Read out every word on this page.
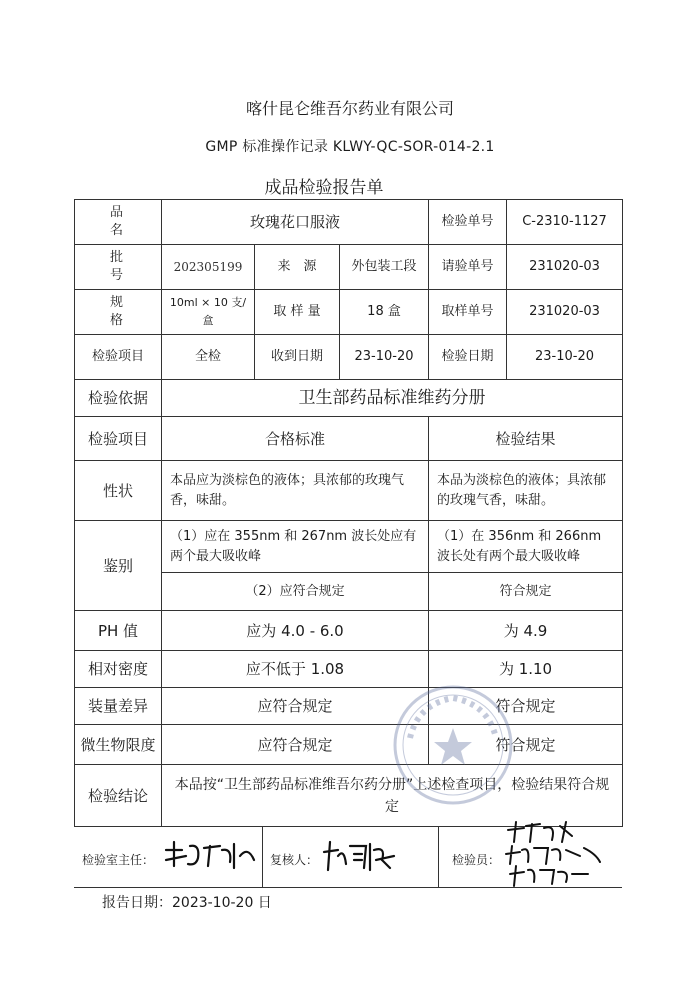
喀什昆仑维吾尔药业有限公司
GMP 标准操作记录 KLWY-QC-SOR-014-2.1
成品检验报告单
品　名	玫瑰花口服液			检验单号	C-2310-1127
批　号	202305199	来　源	外包装工段	请验单号	231020-03
规　格	10ml × 10 支/盒	取 样 量	18 盒	取样单号	231020-03
检验项目	全检	收到日期	23-10-20	检验日期	23-10-20
检验依据	卫生部药品标准维药分册				
检验项目	合格标准			检验结果	
性状	本品应为淡棕色的液体；具浓郁的玫瑰气香，味甜。			本品为淡棕色的液体；具浓郁的玫瑰气香，味甜。	
鉴别	（1）应在 355nm 和 267nm 波长处应有两个最大吸收峰			（1）在 356nm 和 266nm 波长处有两个最大吸收峰	
	（2）应符合规定			符合规定	
PH 值	应为 4.0 - 6.0			为 4.9	
相对密度	应不低于 1.08			为 1.10	
装量差异	应符合规定			符合规定	
微生物限度	应符合规定			符合规定	
检验结论	本品按“卫生部药品标准维吾尔药分册”上述检查项目，检验结果符合规定				
检验室主任：	复核人：	检验员：
报告日期：2023-10-20 日
